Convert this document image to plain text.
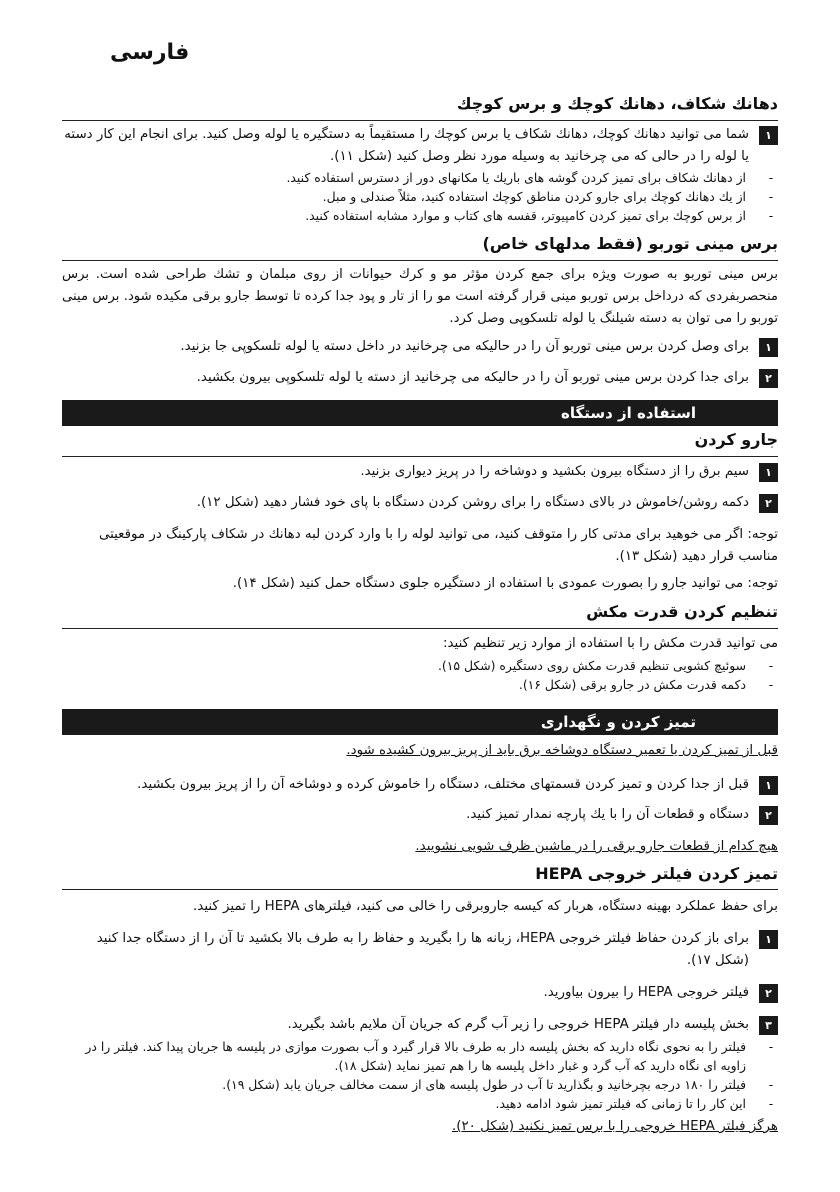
فارسی
دهانك شكاف، دهانك كوچك و برس كوچك
۱
شما می توانید دهانك كوچك، دهانك شكاف یا برس كوچك را مستقیماً به دستگیره یا لوله وصل كنید. برای انجام این كار دسته یا لوله را در حالی كه می چرخانید به وسیله مورد نظر وصل كنید (شكل ۱۱).
-
از دهانك شكاف برای تمیز كردن گوشه های باریك یا مكانهای دور از دسترس استفاده كنید.
-
از یك دهانك كوچك برای جارو كردن مناطق كوچك استفاده كنید، مثلاً صندلی و مبل.
-
از برس كوچك برای تمیز كردن كامپیوتر، قفسه های كتاب و موارد مشابه استفاده كنید.
برس مینی توربو (فقط مدلهای خاص)
برس مینی توربو به صورت ویژه برای جمع كردن مؤثر مو و كرك حیوانات از روی مبلمان و تشك طراحی شده است. برس منحصربفردی كه درداخل برس توربو مینی قرار گرفته است مو را از تار و پود جدا كرده تا توسط جارو برقی مكیده شود. برس مینی توربو را می توان به دسته شیلنگ یا لوله تلسكوپی وصل كرد.
۱
برای وصل كردن برس مینی توربو آن را در حالیكه می چرخانید در داخل دسته یا لوله تلسكوپی جا بزنید.
۲
برای جدا كردن برس مینی توربو آن را در حالیكه می چرخانید از دسته یا لوله تلسكوپی بیرون بكشید.
استفاده از دستگاه
جارو كردن
۱
سیم برق را از دستگاه بیرون بكشید و دوشاخه را در پریز دیواری بزنید.
۲
دكمه روشن/خاموش در بالای دستگاه را برای روشن كردن دستگاه با پای خود فشار دهید (شكل ۱۲).
توجه: اگر می خوهید برای مدتی كار را متوقف كنید، می توانید لوله را با وارد كردن لبه دهانك در شكاف پاركینگ در موقعیتی مناسب قرار دهید (شكل ۱۳).
توجه: می توانید جارو را بصورت عمودی با استفاده از دستگیره جلوی دستگاه حمل كنید (شكل ۱۴).
تنظیم كردن قدرت مكش
می توانید قدرت مكش را با استفاده از موارد زیر تنظیم كنید:
-
سوئیچ كشویی تنظیم قدرت مكش روی دستگیره (شكل ۱۵).
-
دكمه قدرت مكش در جارو برقی (شكل ۱۶).
تمیز كردن و نگهداری
قبل از تمیز كردن یا تعمیر دستگاه دوشاخه برق باید از پریز بیرون كشیده شود.
۱
قبل از جدا كردن و تمیز كردن قسمتهای مختلف، دستگاه را خاموش كرده و دوشاخه آن را از پریز بیرون بكشید.
۲
دستگاه و قطعات آن را با یك پارچه نمدار تمیز كنید.
هیچ كدام از قطعات جارو برقی را در ماشین ظرف شویی نشویید.
تمیز كردن فیلتر خروجی HEPA
برای حفظ عملكرد بهینه دستگاه، هربار كه كیسه جاروبرقی را خالی می كنید، فیلترهای HEPA را تمیز كنید.
۱
برای باز كردن حفاظ فیلتر خروجی HEPA، زبانه ها را بگیرید و حفاظ را به طرف بالا بكشید تا آن را از دستگاه جدا كنید (شكل ۱۷).
۲
فیلتر خروجی HEPA را بیرون بیاورید.
۳
بخش پلیسه دار فیلتر HEPA خروجی را زیر آب گرم كه جریان آن ملایم باشد بگیرید.
-
فیلتر را به نحوی نگاه دارید كه بخش پلیسه دار به طرف بالا قرار گیرد و آب بصورت موازی در پلیسه ها جریان پیدا كند. فیلتر را در زاویه ای نگاه دارید كه آب گرد و غبار داخل پلیسه ها را هم تمیز نماید (شكل ۱۸).
-
فیلتر را ۱۸۰ درجه بچرخانید و بگذارید تا آب در طول پلیسه های از سمت مخالف جریان یابد (شكل ۱۹).
-
این كار را تا زمانی كه فیلتر تمیز شود ادامه دهید.
هرگز فیلتر HEPA خروجی را با برس تمیز نكنید (شكل ۲۰).
